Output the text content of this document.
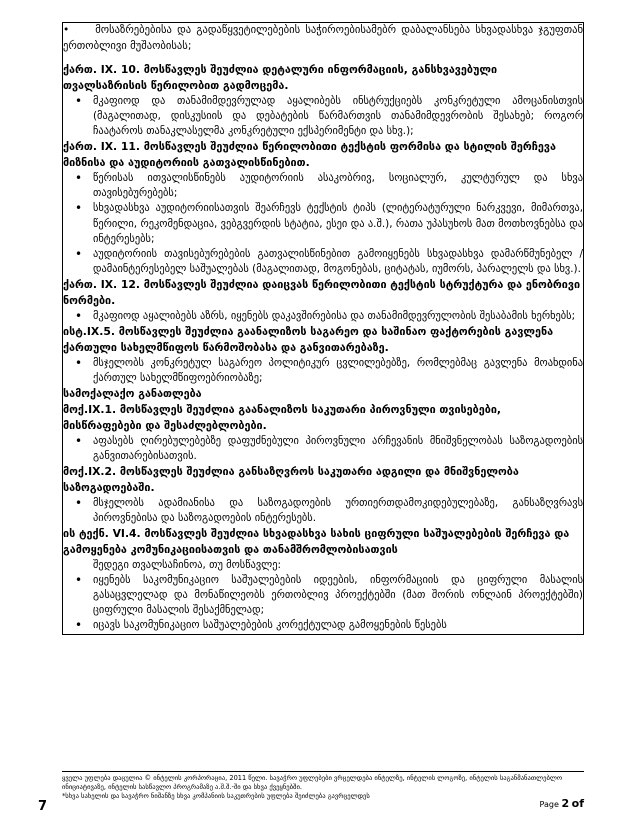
•     მოსაზრებებისა და გადაწყვეტილებების საჭიროებისამებრ დაბალანსება სხვადასხვა ჯგუფთან ერთობლივი მუშაობისას;

ქართ. IX. 10. მოსწავლეს შეუძლია დეტალური ინფორმაციის, განსხვავებული თვალსაზრისის წერილობით გადმოცემა.

• მკაფიოდ და თანამიმდევრულად აყალიბებს ინსტრუქციებს კონკრეტული ამოცანისთვის (მაგალითად, დისკუსიის და დებატების წარმართვის თანამიმდევრობის შესახებ; როგორ ჩაატაროს თანაკლასელმა კონკრეტული ექსპერიმენტი და სხვ.);

ქართ. IX. 11. მოსწავლეს შეუძლია წერილობითი ტექსტის ფორმისა და სტილის შერჩევა მიზნისა და აუდიტორიის გათვალისწინებით.

• წერისას ითვალისწინებს აუდიტორიის ასაკობრივ, სოციალურ, კულტურულ და სხვა თავისებურებებს;
• სხვადასხვა აუდიტორიისათვის შეარჩევს ტექსტის ტიპს (ლიტერატურული ნარკვევი, მიმართვა, წერილი, რეკომენდაცია, ვებგვერდის სტატია, ესეი და ა.შ.), რათა უპასუხოს მათ მოთხოვნებსა და ინტერესებს;
• აუდიტორიის თავისებურებების გათვალისწინებით გამოიყენებს სხვადასხვა დამარწმუნებელ / დამაინტერესებელ საშუალებას (მაგალითად, მოგონებას, ციტატას, იუმორს, პარალელს და სხვ.).

ქართ. IX. 12. მოსწავლეს შეუძლია დაიცვას წერილობითი ტექსტის სტრუქტურა და ენობრივი ნორმები.

• მკაფიოდ აყალიბებს აზრს, იყენებს დაკავშირებისა და თანამიმდევრულობის შესაბამის ხერხებს;

ისტ.IX.5. მოსწავლეს შეუძლია გაანალიზოს საგარეო და საშინაო ფაქტორების გავლენა ქართული სახელმწიფოს წარმოშობასა და განვითარებაზე.

• მსჯელობს კონკრეტულ საგარეო პოლიტიკურ ცვლილებებზე, რომლებმაც გავლენა მოახდინა ქართულ სახელმწიფოებრიობაზე;

სამოქალაქო განათლება

მოქ.IX.1. მოსწავლეს შეუძლია გაანალიზოს საკუთარი პიროვნული თვისებები, მისწრაფებები და შესაძლებლობები.

• აფასებს ღირებულებებზე დაფუძნებული პიროვნული არჩევანის მნიშვნელობას საზოგადოების განვითარებისათვის.

მოქ.IX.2. მოსწავლეს შეუძლია განსაზღვროს საკუთარი ადგილი და მნიშვნელობა საზოგადოებაში.

• მსჯელობს ადამიანისა და საზოგადოების ურთიერთდამოკიდებულებაზე, განსაზღვრავს პიროვნებისა და საზოგადოების ინტერესებს.

ის ტექნ. VI.4. მოსწავლეს შეუძლია სხვადასხვა სახის ციფრული საშუალებების შერჩევა და გამოყენება კომუნიკაციისათვის და თანამშრომლობისათვის

შედეგი თვალსაჩინოა, თუ მოსწავლე:

• იყენებს საკომუნიკაციო საშუალებების იდეების, ინფორმაციის და ციფრული მასალის გასაცვლელად და მონაწილეობს ერთობლივ პროექტებში (მათ შორის ონლაინ პროექტებში) ციფრული მასალის შესაქმნელად;
• იცავს საკომუნიკაციო საშუალებების კორექტულად გამოყენების წესებს
ყველა უფლება დაცულია © ინტელის კორპორაცია, 2011 წელი. სავაჭრო უფლებები ვრცელდება ინტელზე, ინტელის ლოგოზე, ინტელის საგანმანათლებლო ინიციატივაზე, ინტელის სასწავლო პროგრამაზე ა.შ.შ.-ში და სხვა ქვეყნებში.
*სხვა სახელის და სავაჭრო ნიშანზე სხვა კომპანიის საკუთრების უფლება შეიძლება გავრცელდეს
Page 2 of
7
